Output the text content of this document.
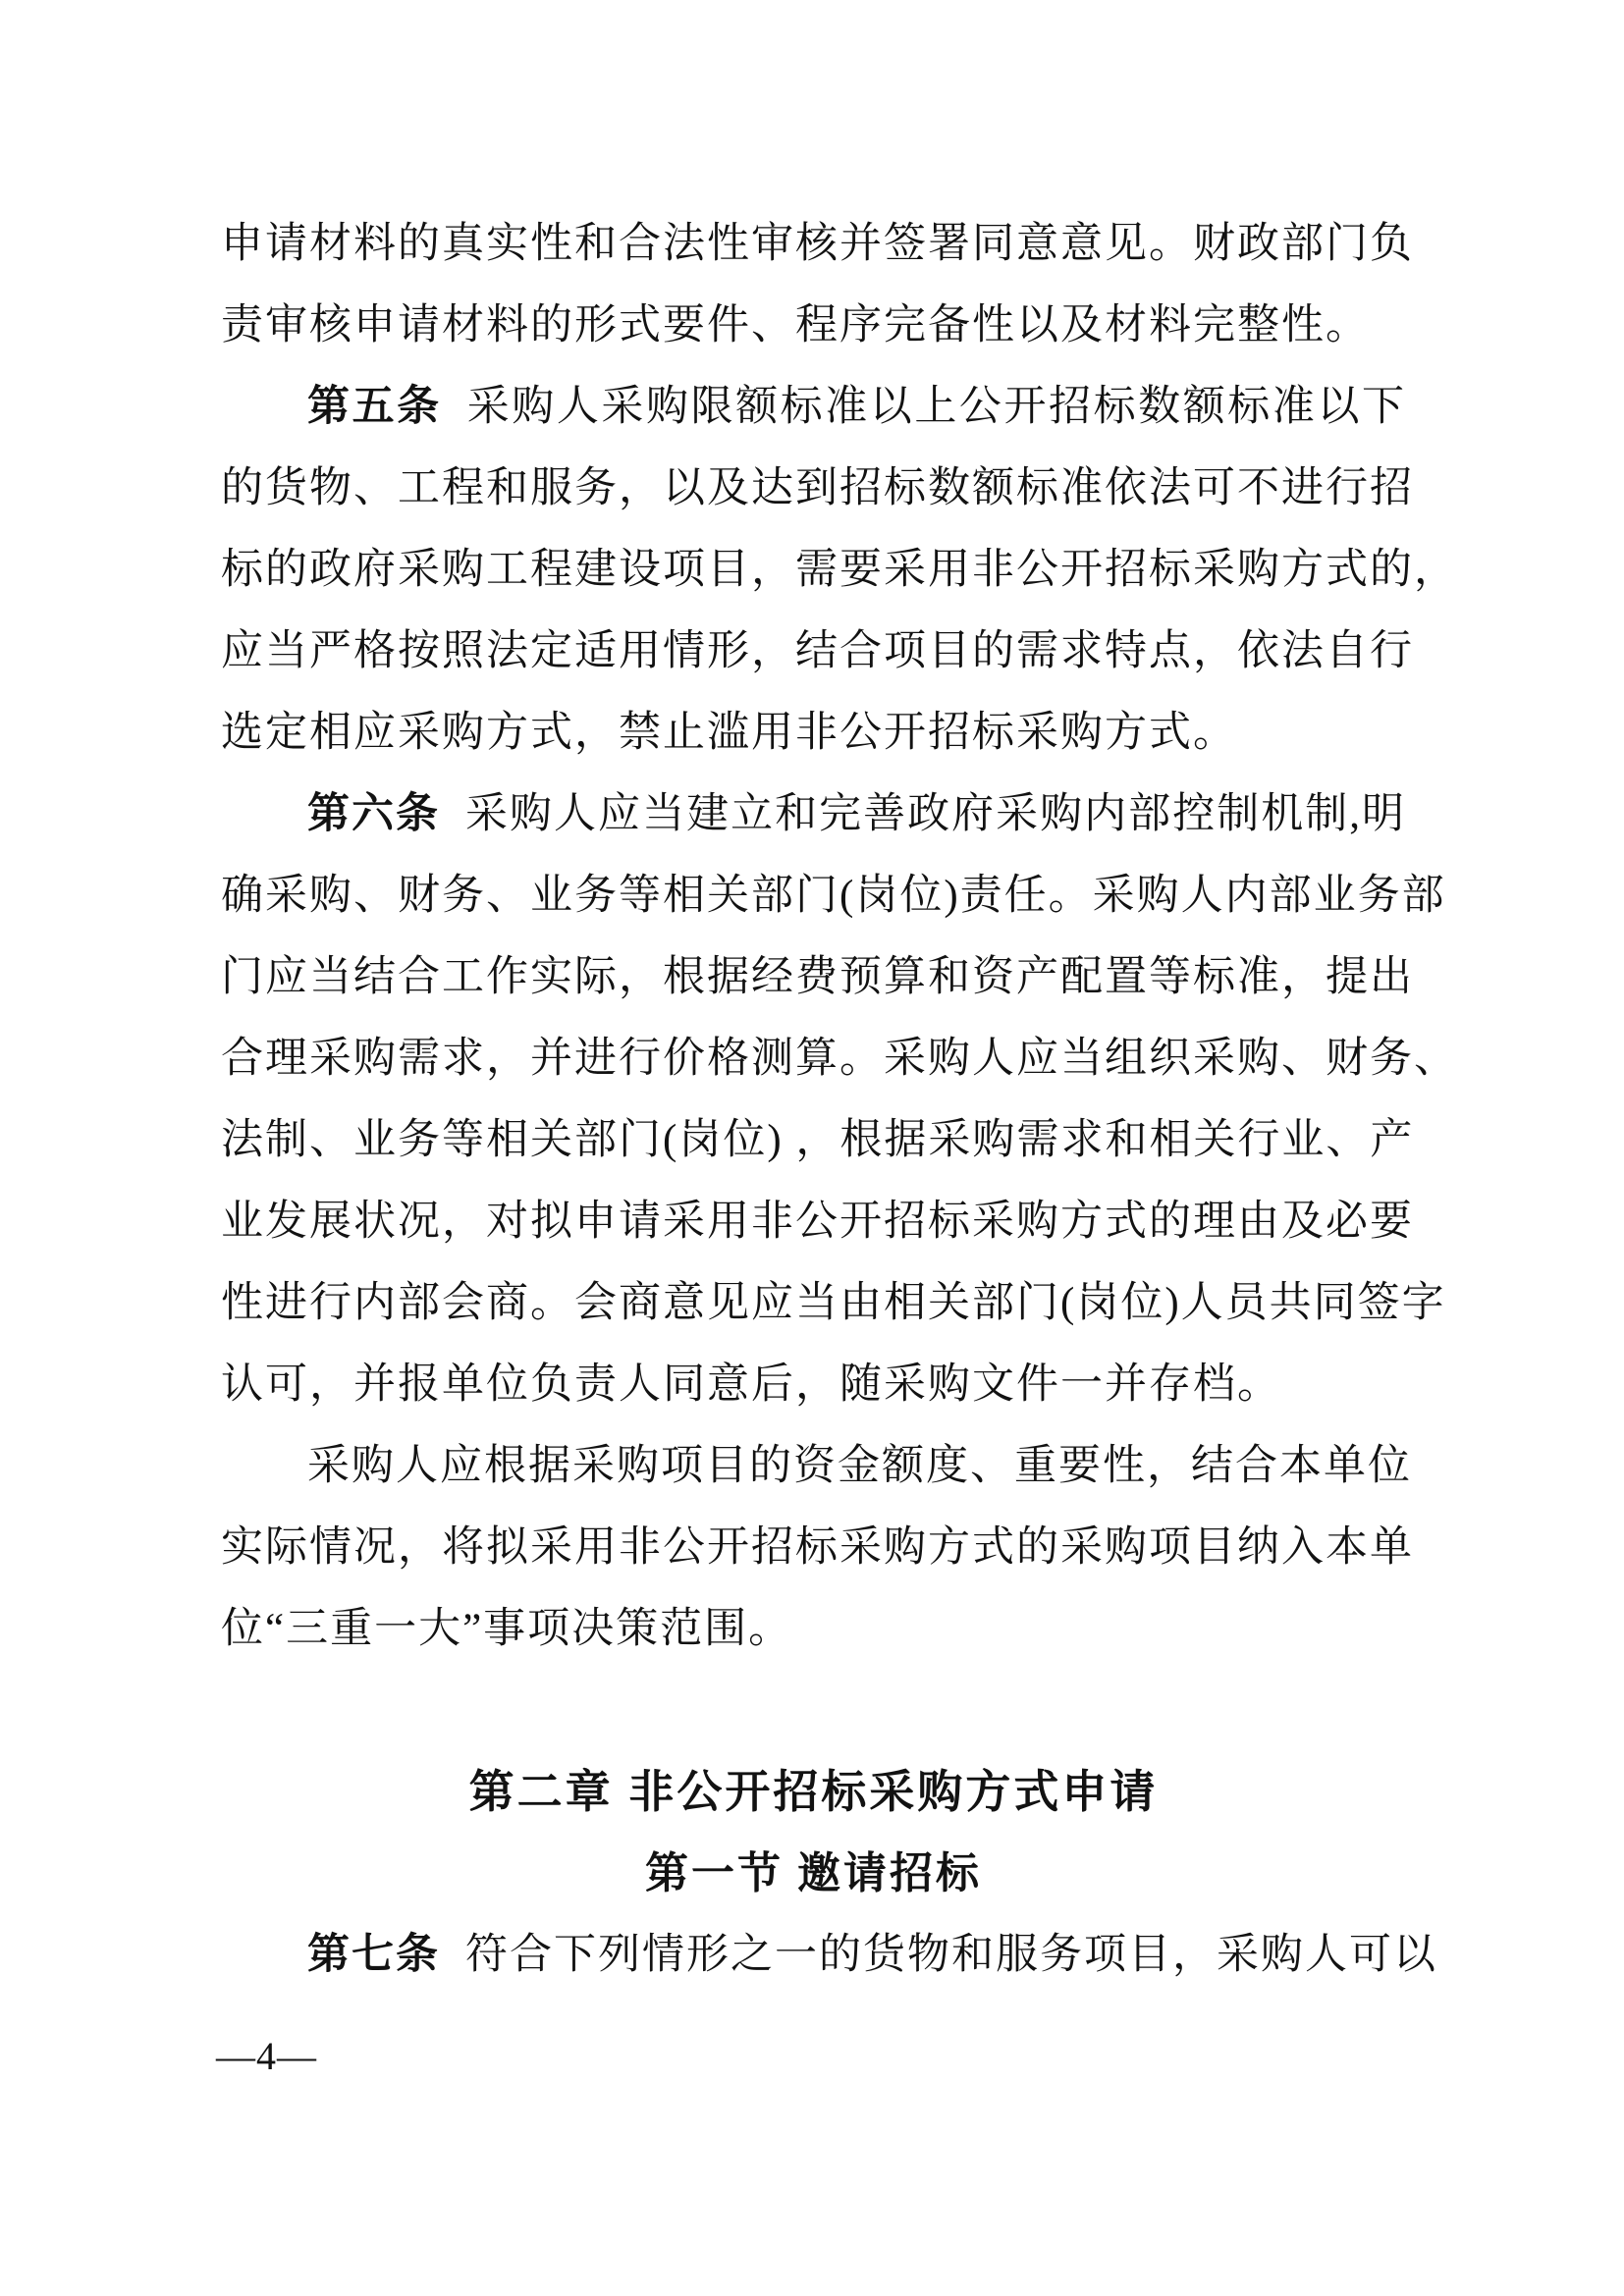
申请材料的真实性和合法性审核并签署同意意见。财政部门负
责审核申请材料的形式要件、程序完备性以及材料完整性。
第五条 采购人采购限额标准以上公开招标数额标准以下
的货物、工程和服务，以及达到招标数额标准依法可不进行招
标的政府采购工程建设项目，需要采用非公开招标采购方式的，
应当严格按照法定适用情形，结合项目的需求特点，依法自行
选定相应采购方式，禁止滥用非公开招标采购方式。
第六条 采购人应当建立和完善政府采购内部控制机制,明
确采购、财务、业务等相关部门(岗位)责任。采购人内部业务部
门应当结合工作实际，根据经费预算和资产配置等标准，提出
合理采购需求，并进行价格测算。采购人应当组织采购、财务、
法制、业务等相关部门(岗位) ，根据采购需求和相关行业、产
业发展状况，对拟申请采用非公开招标采购方式的理由及必要
性进行内部会商。会商意见应当由相关部门(岗位)人员共同签字
认可，并报单位负责人同意后，随采购文件一并存档。
采购人应根据采购项目的资金额度、重要性，结合本单位
实际情况，将拟采用非公开招标采购方式的采购项目纳入本单
位“三重一大”事项决策范围。
第二章 非公开招标采购方式申请
第一节 邀请招标
第七条 符合下列情形之一的货物和服务项目，采购人可以
—4—
